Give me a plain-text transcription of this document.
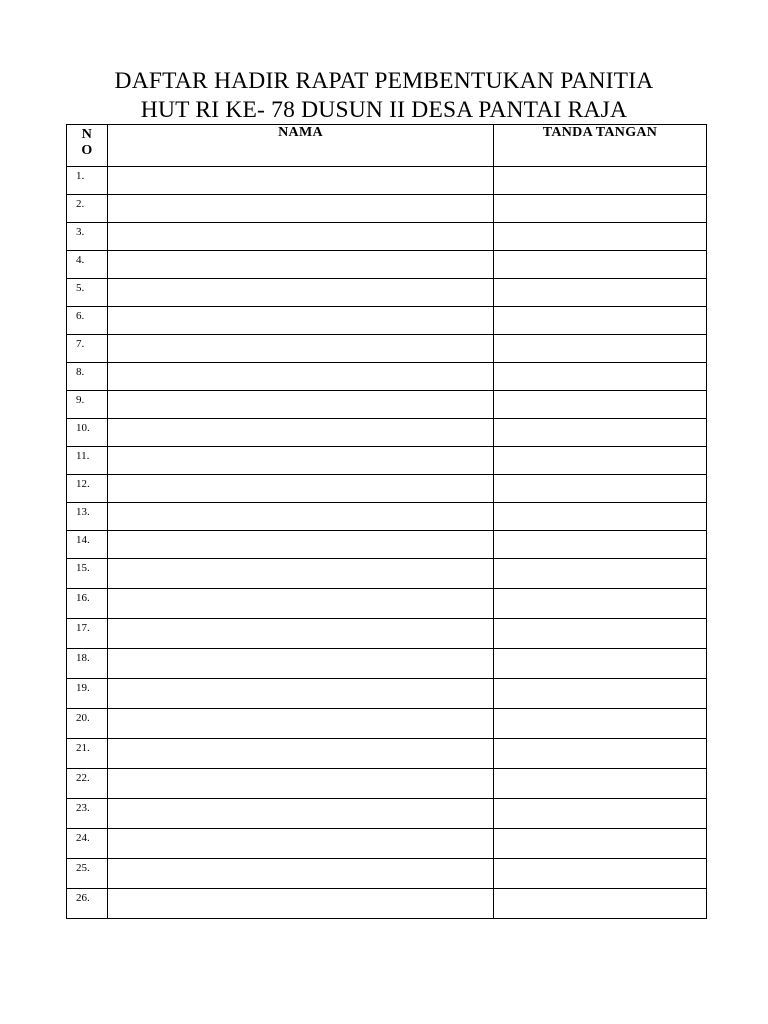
DAFTAR HADIR RAPAT PEMBENTUKAN PANITIA
HUT RI KE- 78 DUSUN II DESA PANTAI RAJA
N
O	NAMA	TANDA TANGAN
1.		
2.		
3.		
4.		
5.		
6.		
7.		
8.		
9.		
10.		
11.		
12.		
13.		
14.		
15.		
16.		
17.		
18.		
19.		
20.		
21.		
22.		
23.		
24.		
25.		
26.		
